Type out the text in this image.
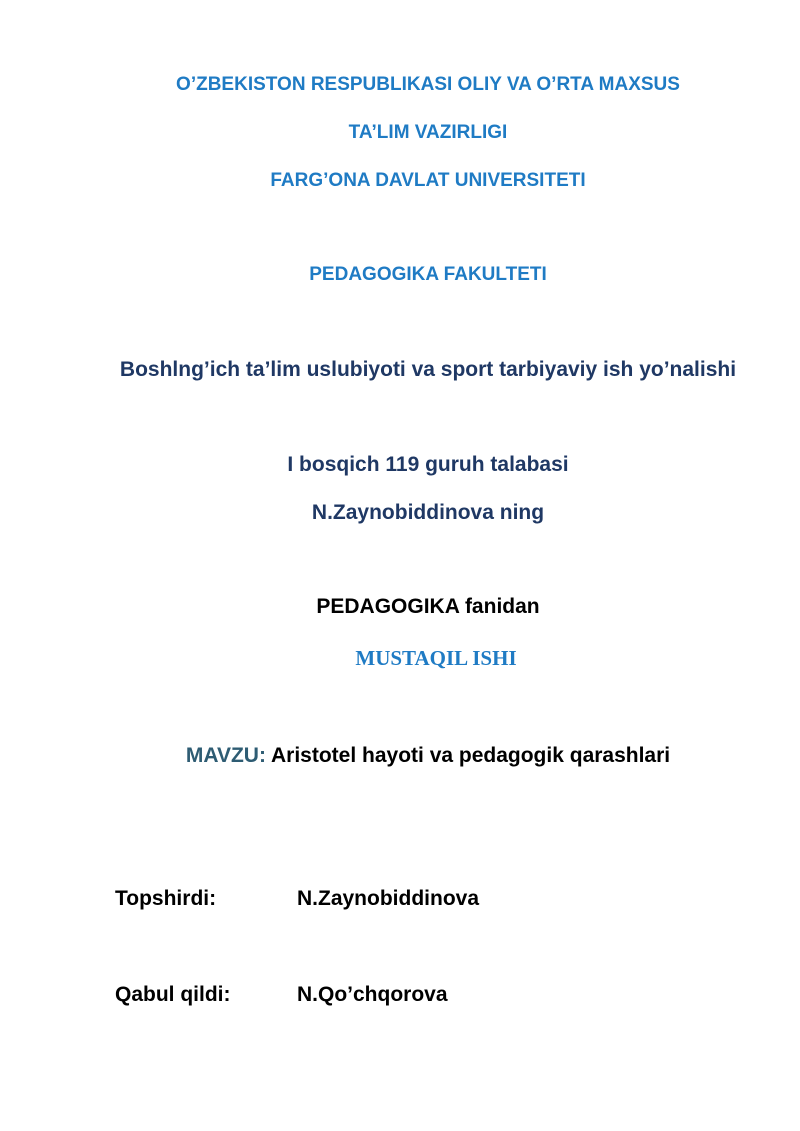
O’ZBEKISTON RESPUBLIKASI OLIY VA O’RTA MAXSUS
TA’LIM VAZIRLIGI
FARG’ONA DAVLAT UNIVERSITETI
PEDAGOGIKA FAKULTETI
Boshlng’ich ta’lim uslubiyoti va sport tarbiyaviy ish yo’nalishi
I bosqich 119 guruh talabasi
N.Zaynobiddinova ning
PEDAGOGIKA fanidan
MUSTAQIL ISHI
MAVZU: Aristotel hayoti va pedagogik qarashlari
Topshirdi:	N.Zaynobiddinova
Qabul qildi:	N.Qo’chqorova
